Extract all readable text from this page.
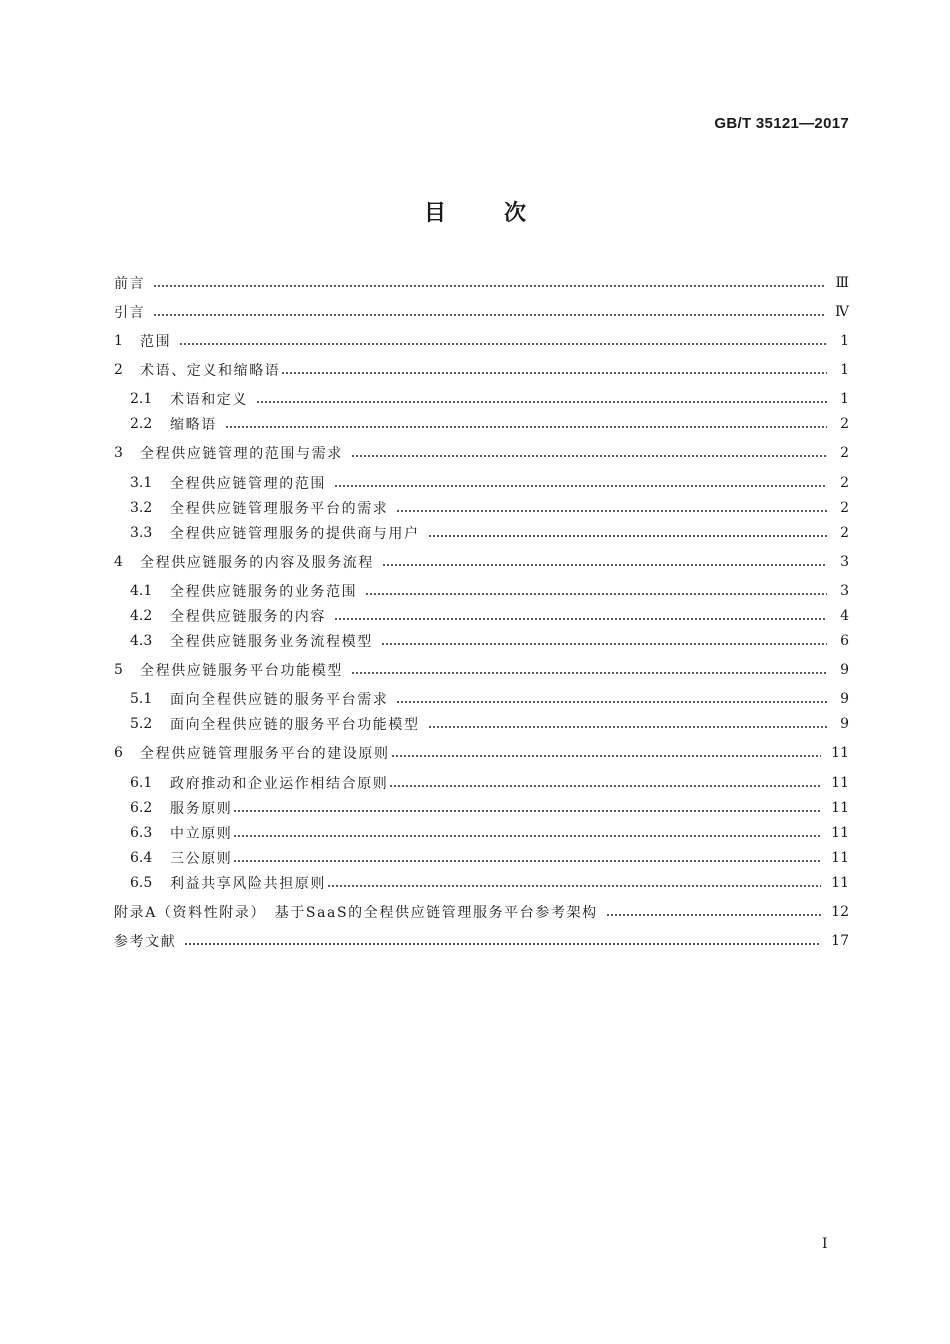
GB/T 35121—2017
目次
前言	Ⅲ
引言	Ⅳ
1	范围	1
2	术语、定义和缩略语	1
2.1	术语和定义	1
2.2	缩略语	2
3	全程供应链管理的范围与需求	2
3.1	全程供应链管理的范围	2
3.2	全程供应链管理服务平台的需求	2
3.3	全程供应链管理服务的提供商与用户	2
4	全程供应链服务的内容及服务流程	3
4.1	全程供应链服务的业务范围	3
4.2	全程供应链服务的内容	4
4.3	全程供应链服务业务流程模型	6
5	全程供应链服务平台功能模型	9
5.1	面向全程供应链的服务平台需求	9
5.2	面向全程供应链的服务平台功能模型	9
6	全程供应链管理服务平台的建设原则	11
6.1	政府推动和企业运作相结合原则	11
6.2	服务原则	11
6.3	中立原则	11
6.4	三公原则	11
6.5	利益共享风险共担原则	11
附录A（资料性附录）　基于SaaS的全程供应链管理服务平台参考架构	12
参考文献	17
Ⅰ
